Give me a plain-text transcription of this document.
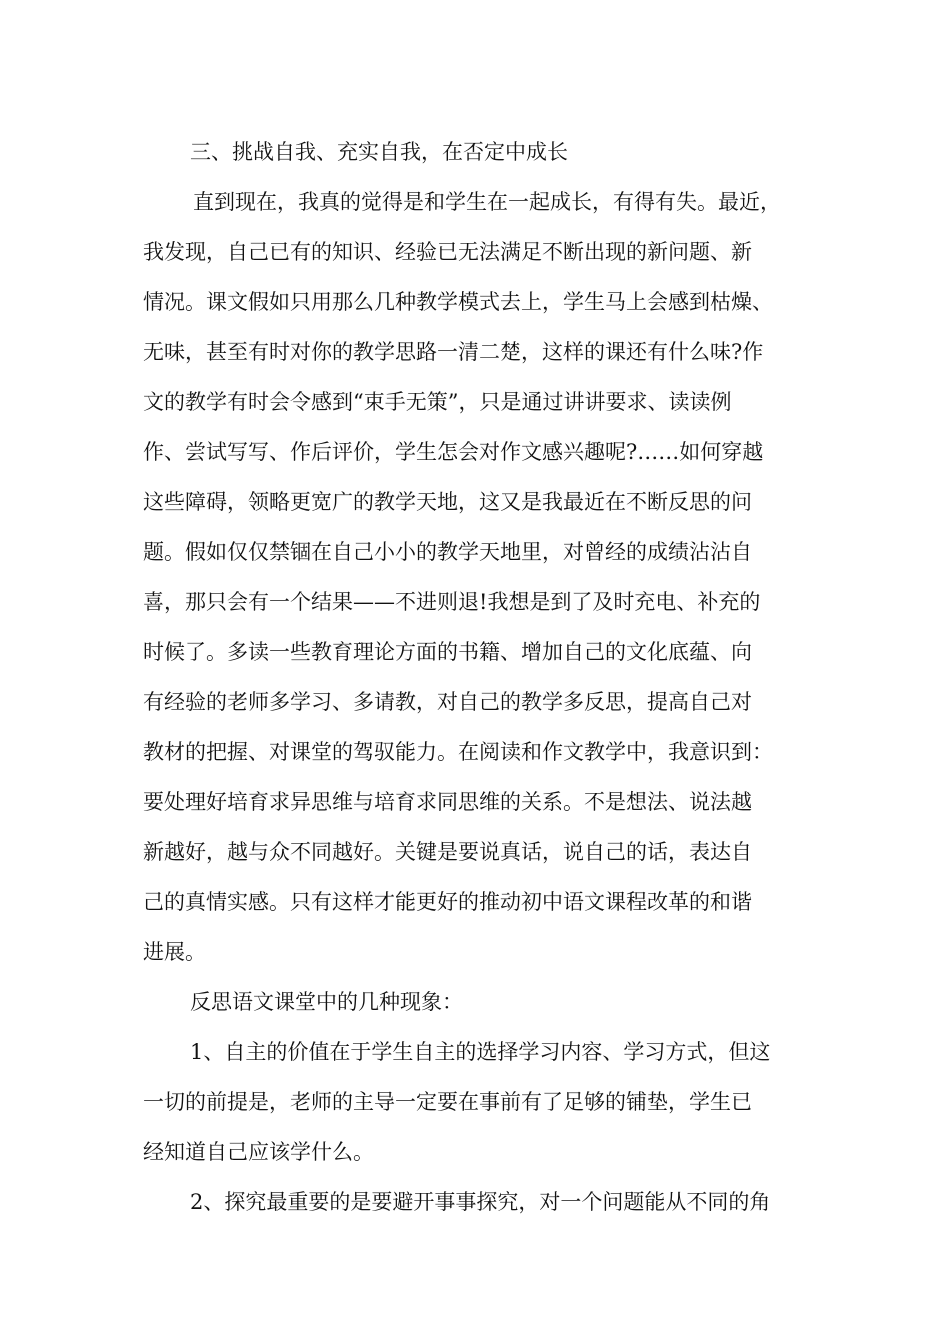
三、挑战自我、充实自我，在否定中成长

直到现在，我真的觉得是和学生在一起成长，有得有失。最近，

我发现，自己已有的知识、经验已无法满足不断出现的新问题、新

情况。课文假如只用那么几种教学模式去上，学生马上会感到枯燥、

无味，甚至有时对你的教学思路一清二楚，这样的课还有什么味?作

文的教学有时会令感到“束手无策”，只是通过讲讲要求、读读例

作、尝试写写、作后评价，学生怎会对作文感兴趣呢?……如何穿越

这些障碍，领略更宽广的教学天地，这又是我最近在不断反思的问

题。假如仅仅禁锢在自己小小的教学天地里，对曾经的成绩沾沾自

喜，那只会有一个结果——不进则退!我想是到了及时充电、补充的

时候了。多读一些教育理论方面的书籍、增加自己的文化底蕴、向

有经验的老师多学习、多请教，对自己的教学多反思，提高自己对

教材的把握、对课堂的驾驭能力。在阅读和作文教学中，我意识到：

要处理好培育求异思维与培育求同思维的关系。不是想法、说法越

新越好，越与众不同越好。关键是要说真话，说自己的话，表达自

己的真情实感。只有这样才能更好的推动初中语文课程改革的和谐

进展。

反思语文课堂中的几种现象：

1、自主的价值在于学生自主的选择学习内容、学习方式，但这

一切的前提是，老师的主导一定要在事前有了足够的铺垫，学生已

经知道自己应该学什么。

2、探究最重要的是要避开事事探究，对一个问题能从不同的角
